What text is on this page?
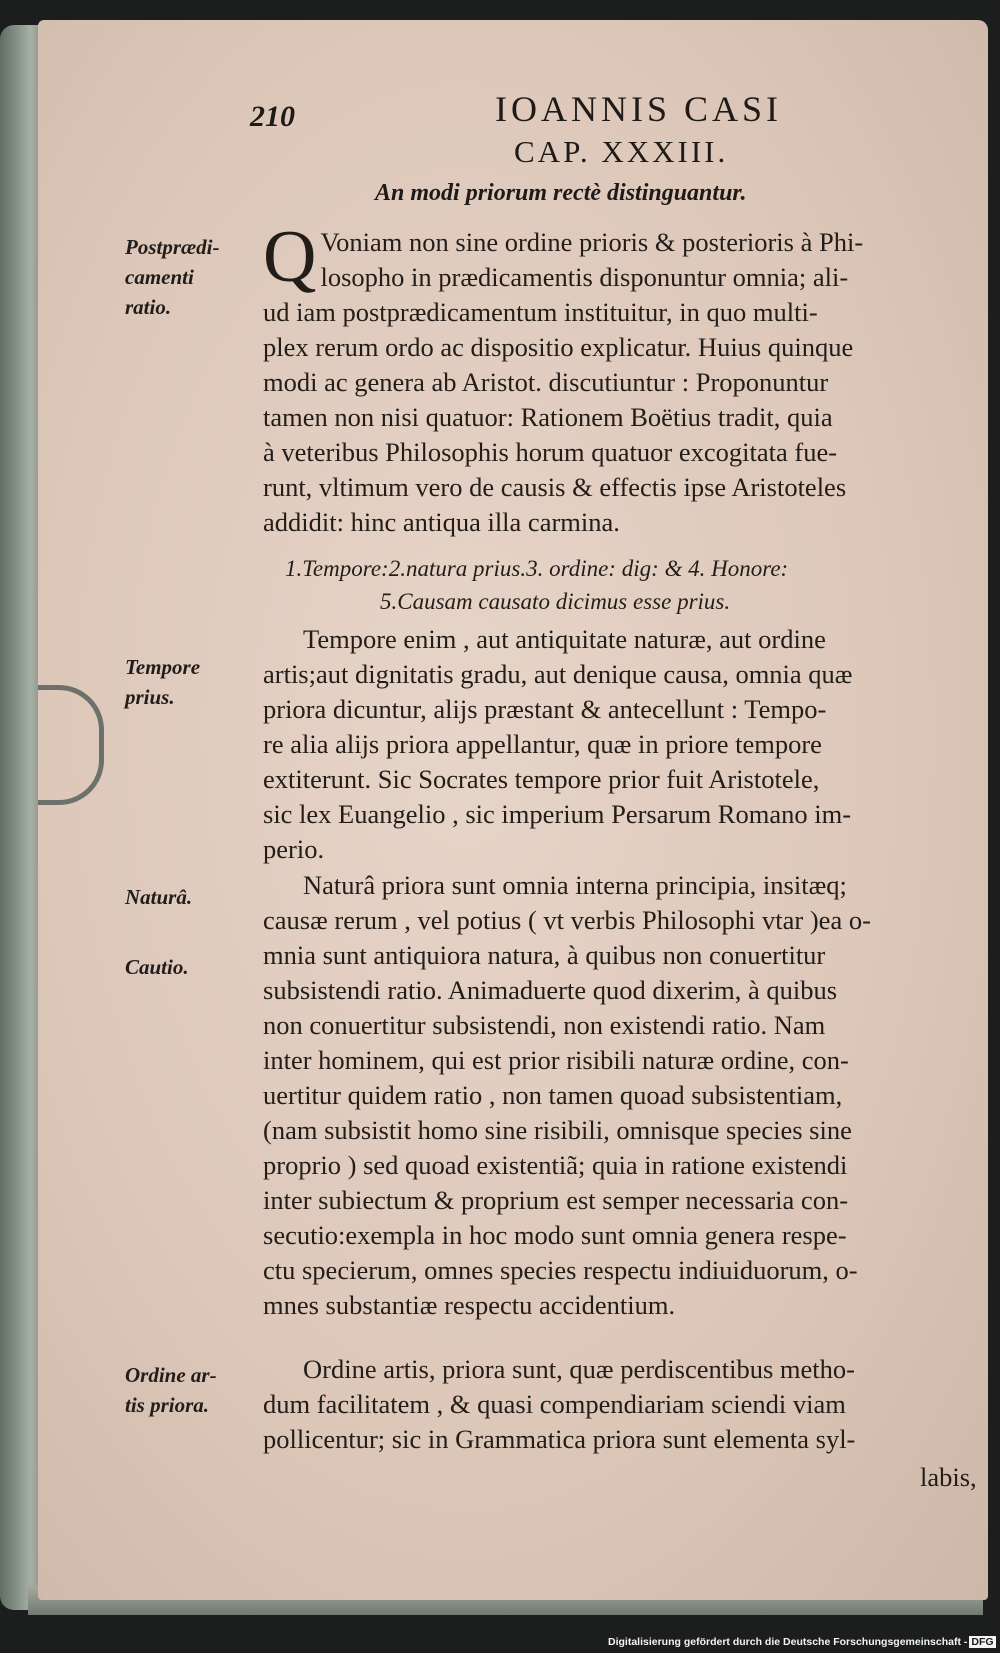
210	IOANNIS CASI
CAP. XXXIII.
An modi priorum rectè distinguantur.
Postprædi-
camenti
ratio.
Tempore
prius.
Naturâ.
Cautio.
Ordine ar-
tis priora.
Q Voniam non sine ordine prioris & posterioris à Phi-
losopho in prædicamentis disponuntur omnia; ali-
ud iam postprædicamentum instituitur, in quo multi-
plex rerum ordo ac dispositio explicatur. Huius quinque
modi ac genera ab Aristot. discutiuntur : Proponuntur
tamen non nisi quatuor: Rationem Boëtius tradit, quia
à veteribus Philosophis horum quatuor excogitata fue-
runt, vltimum vero de causis & effectis ipse Aristoteles
addidit: hinc antiqua illa carmina.
1.Tempore:2.natura prius.3. ordine: dig: & 4. Honore:
5.Causam causato dicimus esse prius.
Tempore enim , aut antiquitate naturæ, aut ordine
artis;aut dignitatis gradu, aut denique causa, omnia quæ
priora dicuntur, alijs præstant & antecellunt : Tempo-
re alia alijs priora appellantur, quæ in priore tempore
extiterunt. Sic Socrates tempore prior fuit Aristotele,
sic lex Euangelio , sic imperium Persarum Romano im-
perio.
Naturâ priora sunt omnia interna principia, insitæq;
causæ rerum , vel potius ( vt verbis Philosophi vtar )ea o-
mnia sunt antiquiora natura, à quibus non conuertitur
subsistendi ratio. Animaduerte quod dixerim, à quibus
non conuertitur subsistendi, non existendi ratio. Nam
inter hominem, qui est prior risibili naturæ ordine, con-
uertitur quidem ratio , non tamen quoad subsistentiam,
(nam subsistit homo sine risibili, omnisque species sine
proprio ) sed quoad existentiã; quia in ratione existendi
inter subiectum & proprium est semper necessaria con-
secutio:exempla in hoc modo sunt omnia genera respe-
ctu specierum, omnes species respectu indiuiduorum, o-
mnes substantiæ respectu accidentium.
Ordine artis, priora sunt, quæ perdiscentibus metho-
dum facilitatem , & quasi compendiariam sciendi viam
pollicentur; sic in Grammatica priora sunt elementa syl-
labis,
Digitalisierung gefördert durch die Deutsche Forschungsgemeinschaft - DFG
